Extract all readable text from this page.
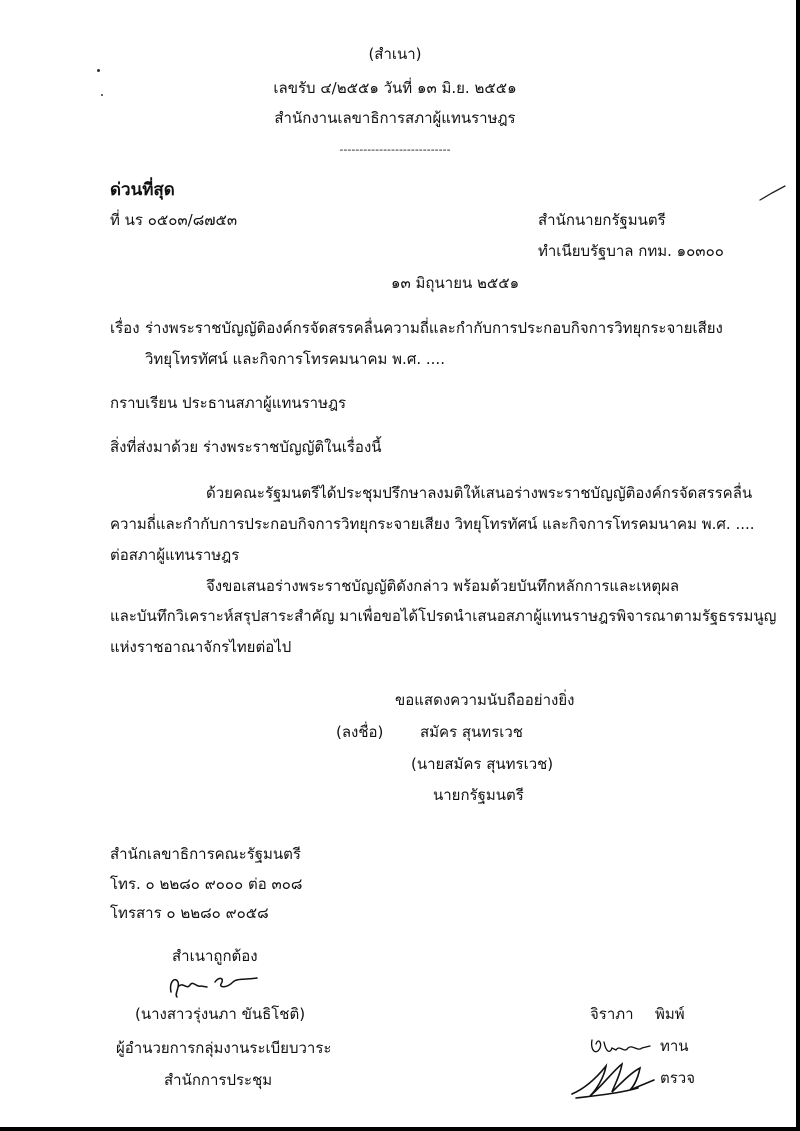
(สำเนา)
เลขรับ ๔/๒๕๕๑ วันที่ ๑๓ มิ.ย. ๒๕๕๑
สำนักงานเลขาธิการสภาผู้แทนราษฎร
----------------------------
ด่วนที่สุด
ที่ นร ๐๕๐๓/๘๗๕๓	สำนักนายกรัฐมนตรี
ทำเนียบรัฐบาล กทม. ๑๐๓๐๐
๑๓ มิถุนายน ๒๕๕๑
เรื่อง ร่างพระราชบัญญัติองค์กรจัดสรรคลื่นความถี่และกำกับการประกอบกิจการวิทยุกระจายเสียง
วิทยุโทรทัศน์ และกิจการโทรคมนาคม พ.ศ. ....
กราบเรียน ประธานสภาผู้แทนราษฎร
สิ่งที่ส่งมาด้วย ร่างพระราชบัญญัติในเรื่องนี้
ด้วยคณะรัฐมนตรีได้ประชุมปรึกษาลงมติให้เสนอร่างพระราชบัญญัติองค์กรจัดสรรคลื่น
ความถี่และกำกับการประกอบกิจการวิทยุกระจายเสียง วิทยุโทรทัศน์ และกิจการโทรคมนาคม พ.ศ. ....
ต่อสภาผู้แทนราษฎร
จึงขอเสนอร่างพระราชบัญญัติดังกล่าว พร้อมด้วยบันทึกหลักการและเหตุผล
และบันทึกวิเคราะห์สรุปสาระสำคัญ มาเพื่อขอได้โปรดนำเสนอสภาผู้แทนราษฎรพิจารณาตามรัฐธรรมนูญ
แห่งราชอาณาจักรไทยต่อไป
ขอแสดงความนับถืออย่างยิ่ง
(ลงชื่อ) สมัคร สุนทรเวช
(นายสมัคร สุนทรเวช)
นายกรัฐมนตรี
สำนักเลขาธิการคณะรัฐมนตรี
โทร. ๐ ๒๒๘๐ ๙๐๐๐ ต่อ ๓๐๘
โทรสาร ๐ ๒๒๘๐ ๙๐๕๘
สำเนาถูกต้อง
(นางสาวรุ่งนภา ขันธิโชติ)
ผู้อำนวยการกลุ่มงานระเบียบวาระ
สำนักการประชุม
จิราภา พิมพ์
ทาน
ตรวจ
